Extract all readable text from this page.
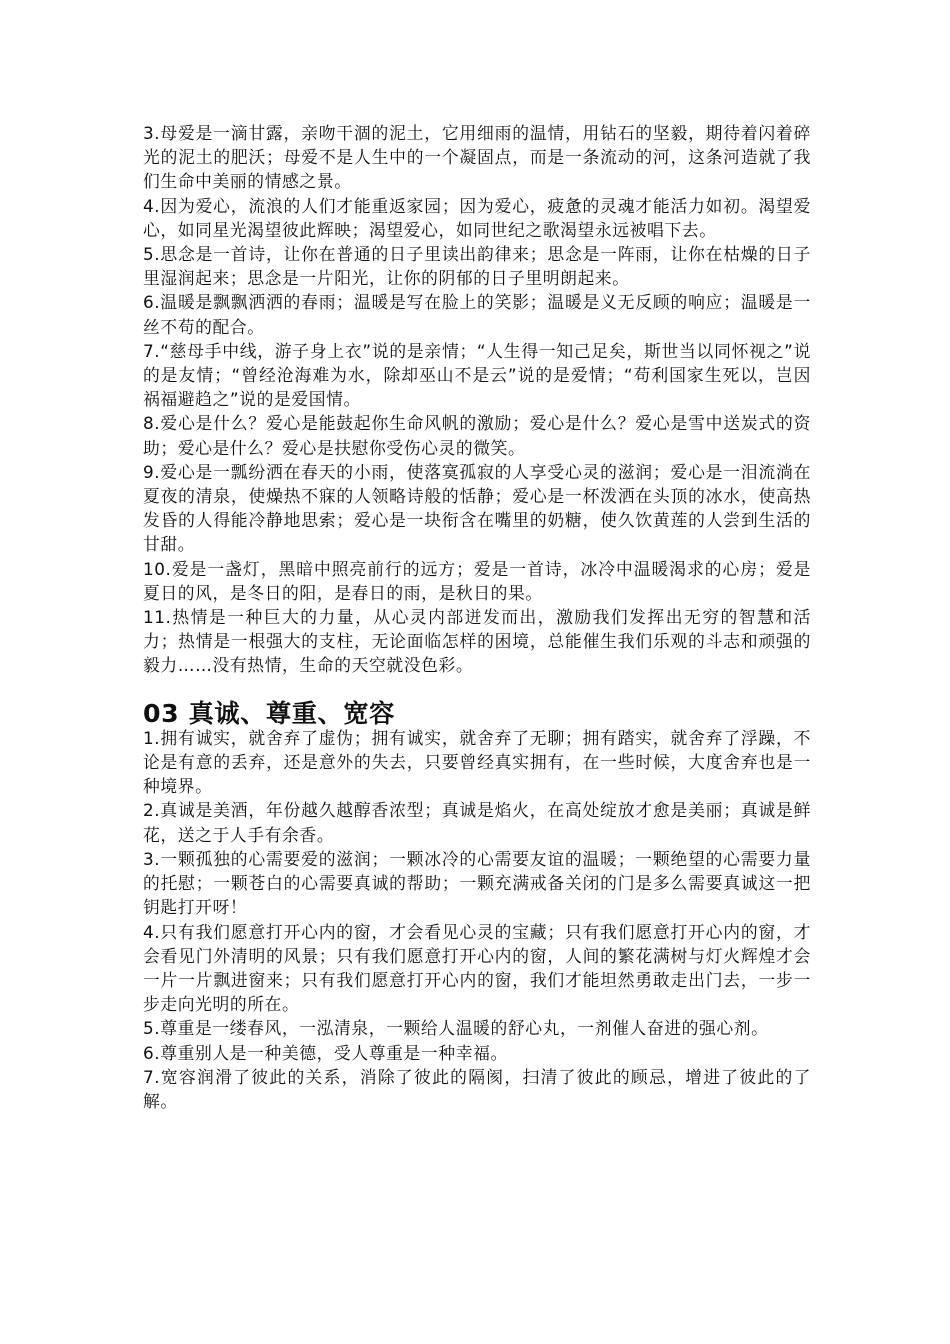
3.母爱是一滴甘露，亲吻干涸的泥土，它用细雨的温情，用钻石的坚毅，期待着闪着碎光的泥土的肥沃；母爱不是人生中的一个凝固点，而是一条流动的河，这条河造就了我们生命中美丽的情感之景。

4.因为爱心，流浪的人们才能重返家园；因为爱心，疲惫的灵魂才能活力如初。渴望爱心，如同星光渴望彼此辉映；渴望爱心，如同世纪之歌渴望永远被唱下去。

5.思念是一首诗，让你在普通的日子里读出韵律来；思念是一阵雨，让你在枯燥的日子里湿润起来；思念是一片阳光，让你的阴郁的日子里明朗起来。

6.温暖是飘飘洒洒的春雨；温暖是写在脸上的笑影；温暖是义无反顾的响应；温暖是一丝不苟的配合。

7.“慈母手中线，游子身上衣”说的是亲情；“人生得一知己足矣，斯世当以同怀视之”说的是友情；“曾经沧海难为水，除却巫山不是云”说的是爱情；“苟利国家生死以，岂因祸福避趋之”说的是爱国情。

8.爱心是什么？爱心是能鼓起你生命风帆的激励；爱心是什么？爱心是雪中送炭式的资助；爱心是什么？爱心是扶慰你受伤心灵的微笑。

9.爱心是一瓢纷洒在春天的小雨，使落寞孤寂的人享受心灵的滋润；爱心是一泪流淌在夏夜的清泉，使燥热不寐的人领略诗般的恬静；爱心是一杯泼洒在头顶的冰水，使高热发昏的人得能冷静地思索；爱心是一块衔含在嘴里的奶糖，使久饮黄莲的人尝到生活的甘甜。

10.爱是一盏灯，黑暗中照亮前行的远方；爱是一首诗，冰冷中温暖渴求的心房；爱是夏日的风，是冬日的阳，是春日的雨，是秋日的果。

11.热情是一种巨大的力量，从心灵内部迸发而出，激励我们发挥出无穷的智慧和活力；热情是一根强大的支柱，无论面临怎样的困境，总能催生我们乐观的斗志和顽强的毅力……没有热情，生命的天空就没色彩。

03 真诚、尊重、宽容

1.拥有诚实，就舍弃了虚伪；拥有诚实，就舍弃了无聊；拥有踏实，就舍弃了浮躁，不论是有意的丢弃，还是意外的失去，只要曾经真实拥有，在一些时候，大度舍弃也是一种境界。

2.真诚是美酒，年份越久越醇香浓型；真诚是焰火，在高处绽放才愈是美丽；真诚是鲜花，送之于人手有余香。

3.一颗孤独的心需要爱的滋润；一颗冰冷的心需要友谊的温暖；一颗绝望的心需要力量的托慰；一颗苍白的心需要真诚的帮助；一颗充满戒备关闭的门是多么需要真诚这一把钥匙打开呀！

4.只有我们愿意打开心内的窗，才会看见心灵的宝藏；只有我们愿意打开心内的窗，才会看见门外清明的风景；只有我们愿意打开心内的窗，人间的繁花满树与灯火辉煌才会一片一片飘进窗来；只有我们愿意打开心内的窗，我们才能坦然勇敢走出门去，一步一步走向光明的所在。

5.尊重是一缕春风，一泓清泉，一颗给人温暖的舒心丸，一剂催人奋进的强心剂。

6.尊重别人是一种美德，受人尊重是一种幸福。

7.宽容润滑了彼此的关系，消除了彼此的隔阂，扫清了彼此的顾忌，增进了彼此的了解。
